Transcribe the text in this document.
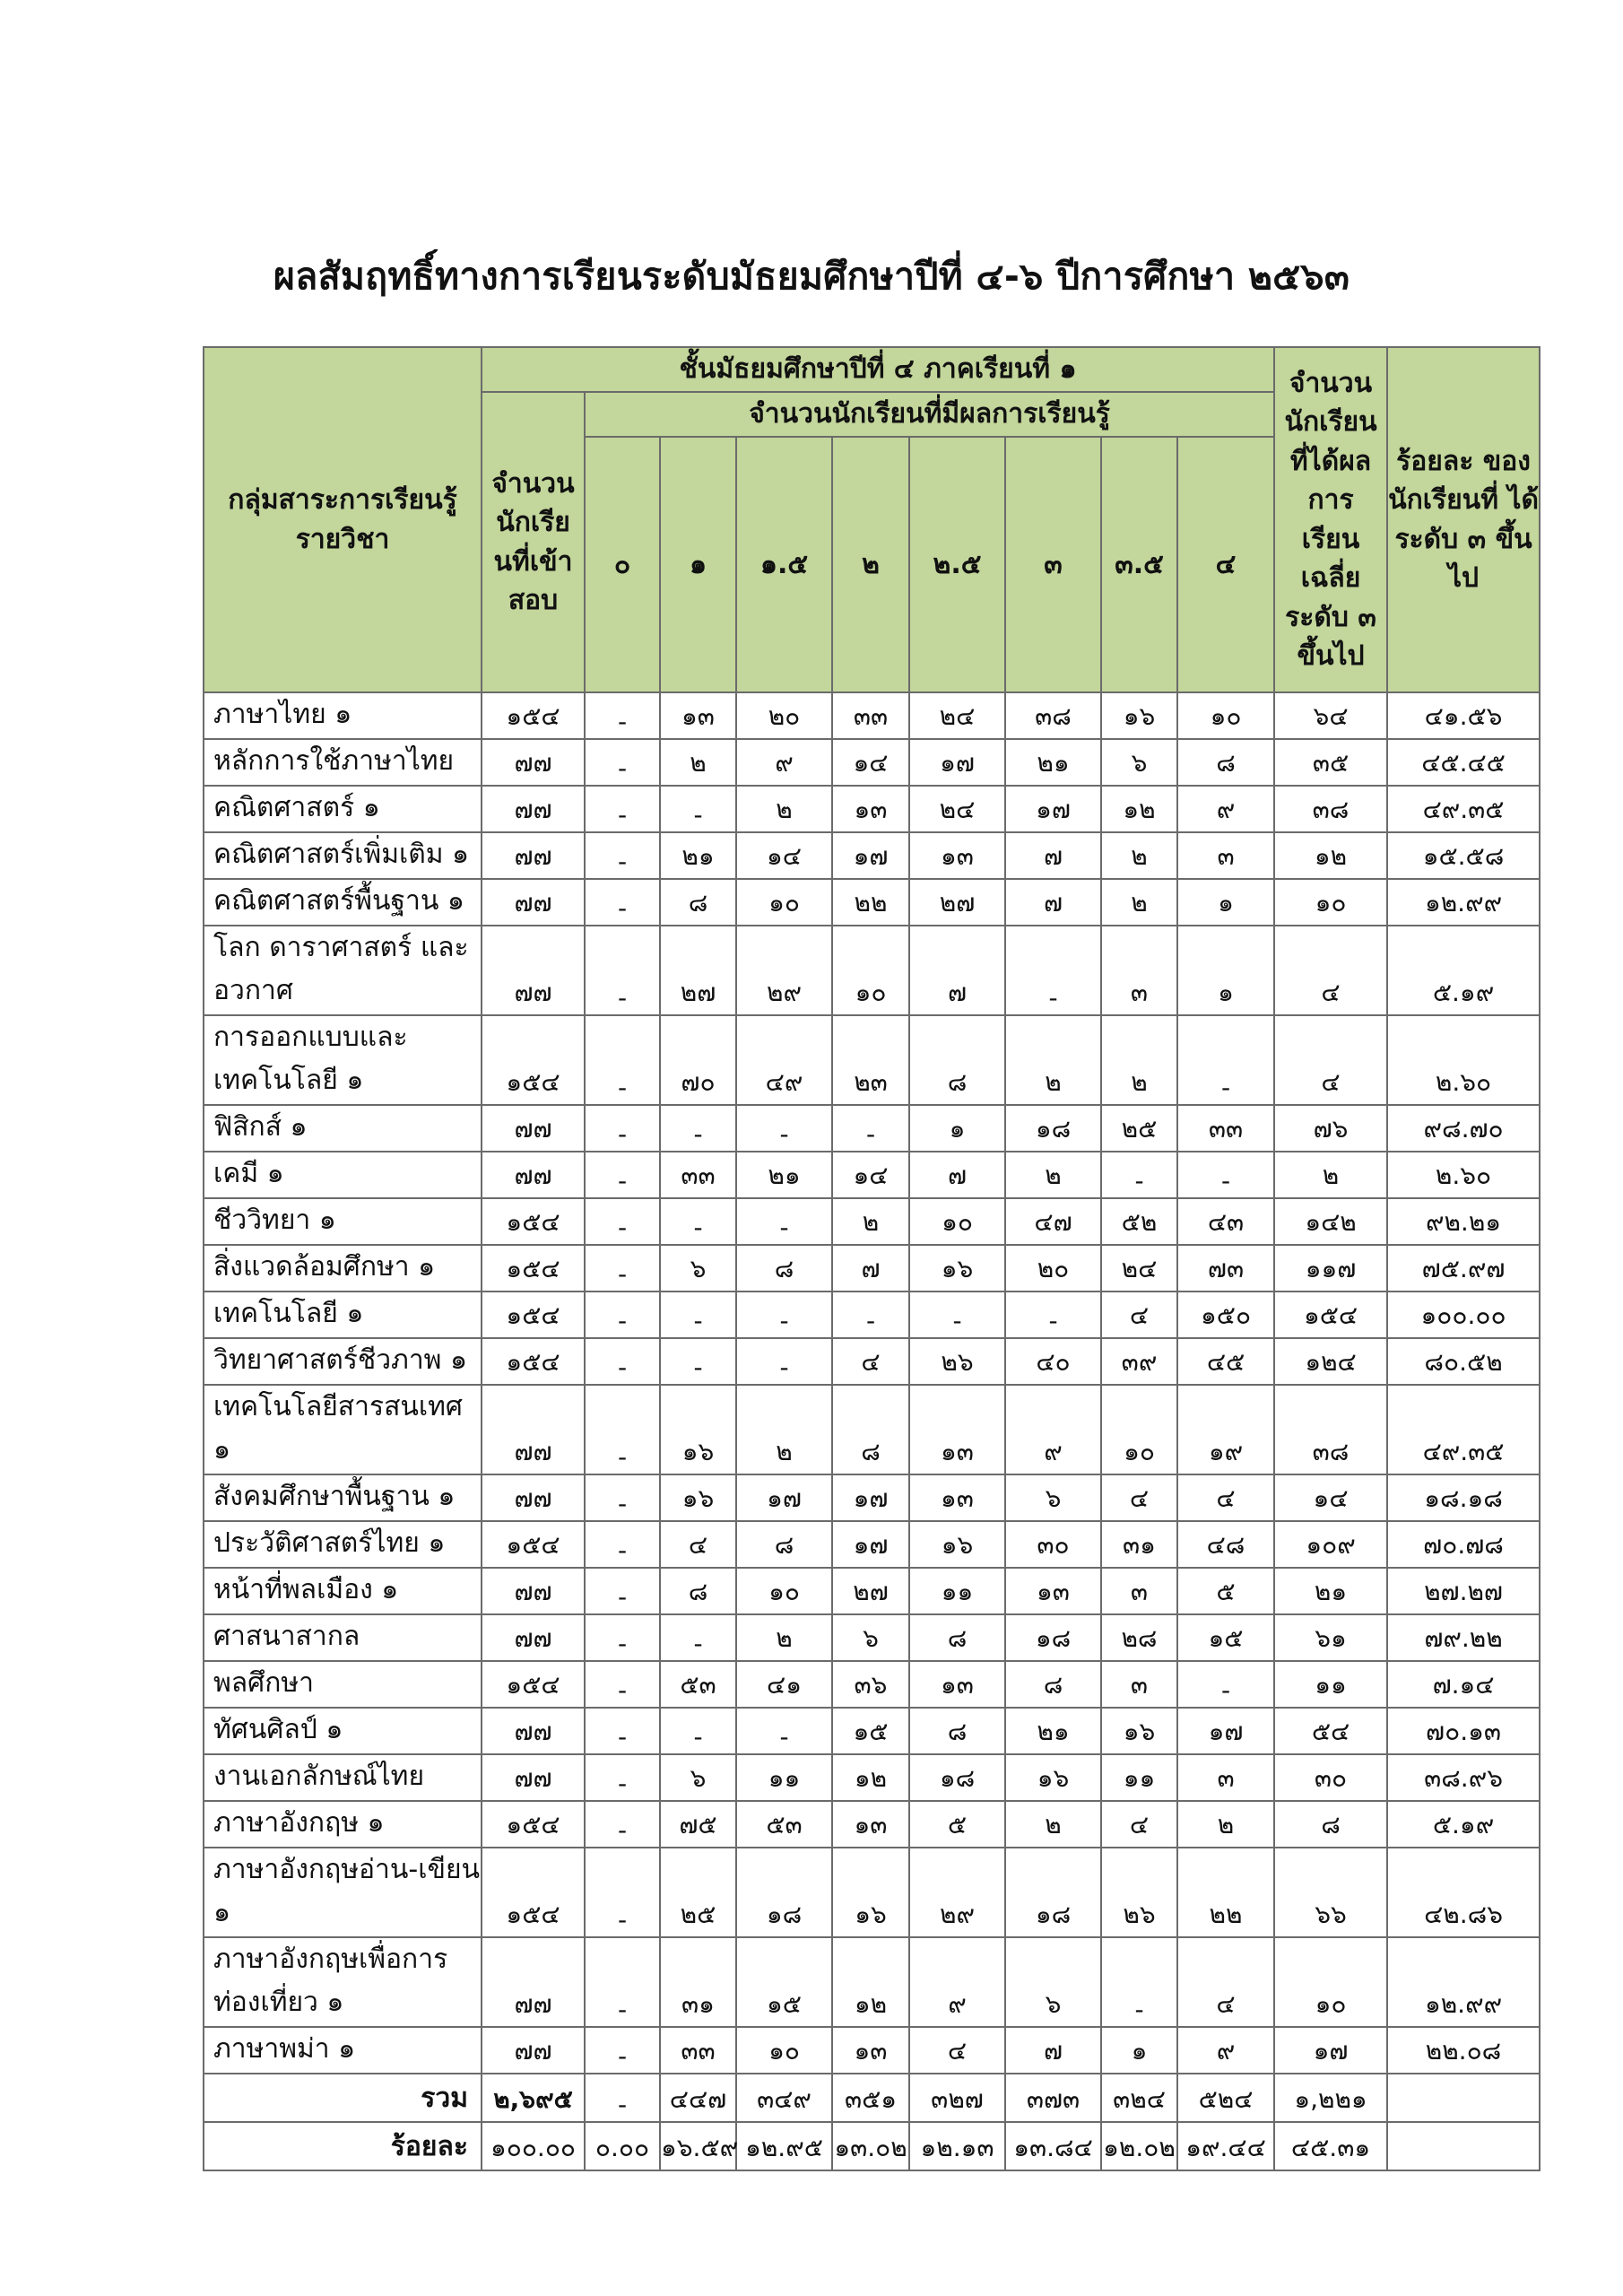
ผลสัมฤทธิ์ทางการเรียนระดับมัธยมศึกษาปีที่ ๔-๖ ปีการศึกษา ๒๕๖๓
กลุ่มสาระการเรียนรู้ รายวิชา	ชั้นมัธยมศึกษาปีที่ ๔ ภาคเรียนที่ ๑									จำนวน นักเรียน ที่ได้ผล การ เรียน เฉลี่ย ระดับ ๓ ขึ้นไป	ร้อยละ ของ นักเรียนที่ ได้ระดับ ๓ ขึ้นไป
	จำนวน นักเรีย นที่เข้า สอบ	จำนวนนักเรียนที่มีผลการเรียนรู้									
		๐	๑	๑.๕	๒	๒.๕	๓	๓.๕	๔		
ภาษาไทย ๑	๑๕๔	-	๑๓	๒๐	๓๓	๒๔	๓๘	๑๖	๑๐	๖๔	๔๑.๕๖
หลักการใช้ภาษาไทย	๗๗	-	๒	๙	๑๔	๑๗	๒๑	๖	๘	๓๕	๔๕.๔๕
คณิตศาสตร์ ๑	๗๗	-	-	๒	๑๓	๒๔	๑๗	๑๒	๙	๓๘	๔๙.๓๕
คณิตศาสตร์เพิ่มเติม ๑	๗๗	-	๒๑	๑๔	๑๗	๑๓	๗	๒	๓	๑๒	๑๕.๕๘
คณิตศาสตร์พื้นฐาน ๑	๗๗	-	๘	๑๐	๒๒	๒๗	๗	๒	๑	๑๐	๑๒.๙๙
โลก ดาราศาสตร์ และ อวกาศ	๗๗	-	๒๗	๒๙	๑๐	๗	-	๓	๑	๔	๕.๑๙
การออกแบบและ เทคโนโลยี ๑	๑๕๔	-	๗๐	๔๙	๒๓	๘	๒	๒	-	๔	๒.๖๐
ฟิสิกส์ ๑	๗๗	-	-	-	-	๑	๑๘	๒๕	๓๓	๗๖	๙๘.๗๐
เคมี ๑	๗๗	-	๓๓	๒๑	๑๔	๗	๒	-	-	๒	๒.๖๐
ชีววิทยา ๑	๑๕๔	-	-	-	๒	๑๐	๔๗	๕๒	๔๓	๑๔๒	๙๒.๒๑
สิ่งแวดล้อมศึกษา ๑	๑๕๔	-	๖	๘	๗	๑๖	๒๐	๒๔	๗๓	๑๑๗	๗๕.๙๗
เทคโนโลยี ๑	๑๕๔	-	-	-	-	-	-	๔	๑๕๐	๑๕๔	๑๐๐.๐๐
วิทยาศาสตร์ชีวภาพ ๑	๑๕๔	-	-	-	๔	๒๖	๔๐	๓๙	๔๕	๑๒๔	๘๐.๕๒
เทคโนโลยีสารสนเทศ ๑	๗๗	-	๑๖	๒	๘	๑๓	๙	๑๐	๑๙	๓๘	๔๙.๓๕
สังคมศึกษาพื้นฐาน ๑	๗๗	-	๑๖	๑๗	๑๗	๑๓	๖	๔	๔	๑๔	๑๘.๑๘
ประวัติศาสตร์ไทย ๑	๑๕๔	-	๔	๘	๑๗	๑๖	๓๐	๓๑	๔๘	๑๐๙	๗๐.๗๘
หน้าที่พลเมือง ๑	๗๗	-	๘	๑๐	๒๗	๑๑	๑๓	๓	๕	๒๑	๒๗.๒๗
ศาสนาสากล	๗๗	-	-	๒	๖	๘	๑๘	๒๘	๑๕	๖๑	๗๙.๒๒
พลศึกษา	๑๕๔	-	๕๓	๔๑	๓๖	๑๓	๘	๓	-	๑๑	๗.๑๔
ทัศนศิลป์ ๑	๗๗	-	-	-	๑๕	๘	๒๑	๑๖	๑๗	๕๔	๗๐.๑๓
งานเอกลักษณ์ไทย	๗๗	-	๖	๑๑	๑๒	๑๘	๑๖	๑๑	๓	๓๐	๓๘.๙๖
ภาษาอังกฤษ ๑	๑๕๔	-	๗๕	๕๓	๑๓	๕	๒	๔	๒	๘	๕.๑๙
ภาษาอังกฤษอ่าน-เขียน ๑	๑๕๔	-	๒๕	๑๘	๑๖	๒๙	๑๘	๒๖	๒๒	๖๖	๔๒.๘๖
ภาษาอังกฤษเพื่อการ ท่องเที่ยว ๑	๗๗	-	๓๑	๑๕	๑๒	๙	๖	-	๔	๑๐	๑๒.๙๙
ภาษาพม่า ๑	๗๗	-	๓๓	๑๐	๑๓	๔	๗	๑	๙	๑๗	๒๒.๐๘
รวม	๒,๖๙๕	-	๔๔๗	๓๔๙	๓๕๑	๓๒๗	๓๗๓	๓๒๔	๕๒๔	๑,๒๒๑	
ร้อยละ	๑๐๐.๐๐	๐.๐๐	๑๖.๕๙	๑๒.๙๕	๑๓.๐๒	๑๒.๑๓	๑๓.๘๔	๑๒.๐๒	๑๙.๔๔	๔๕.๓๑	
